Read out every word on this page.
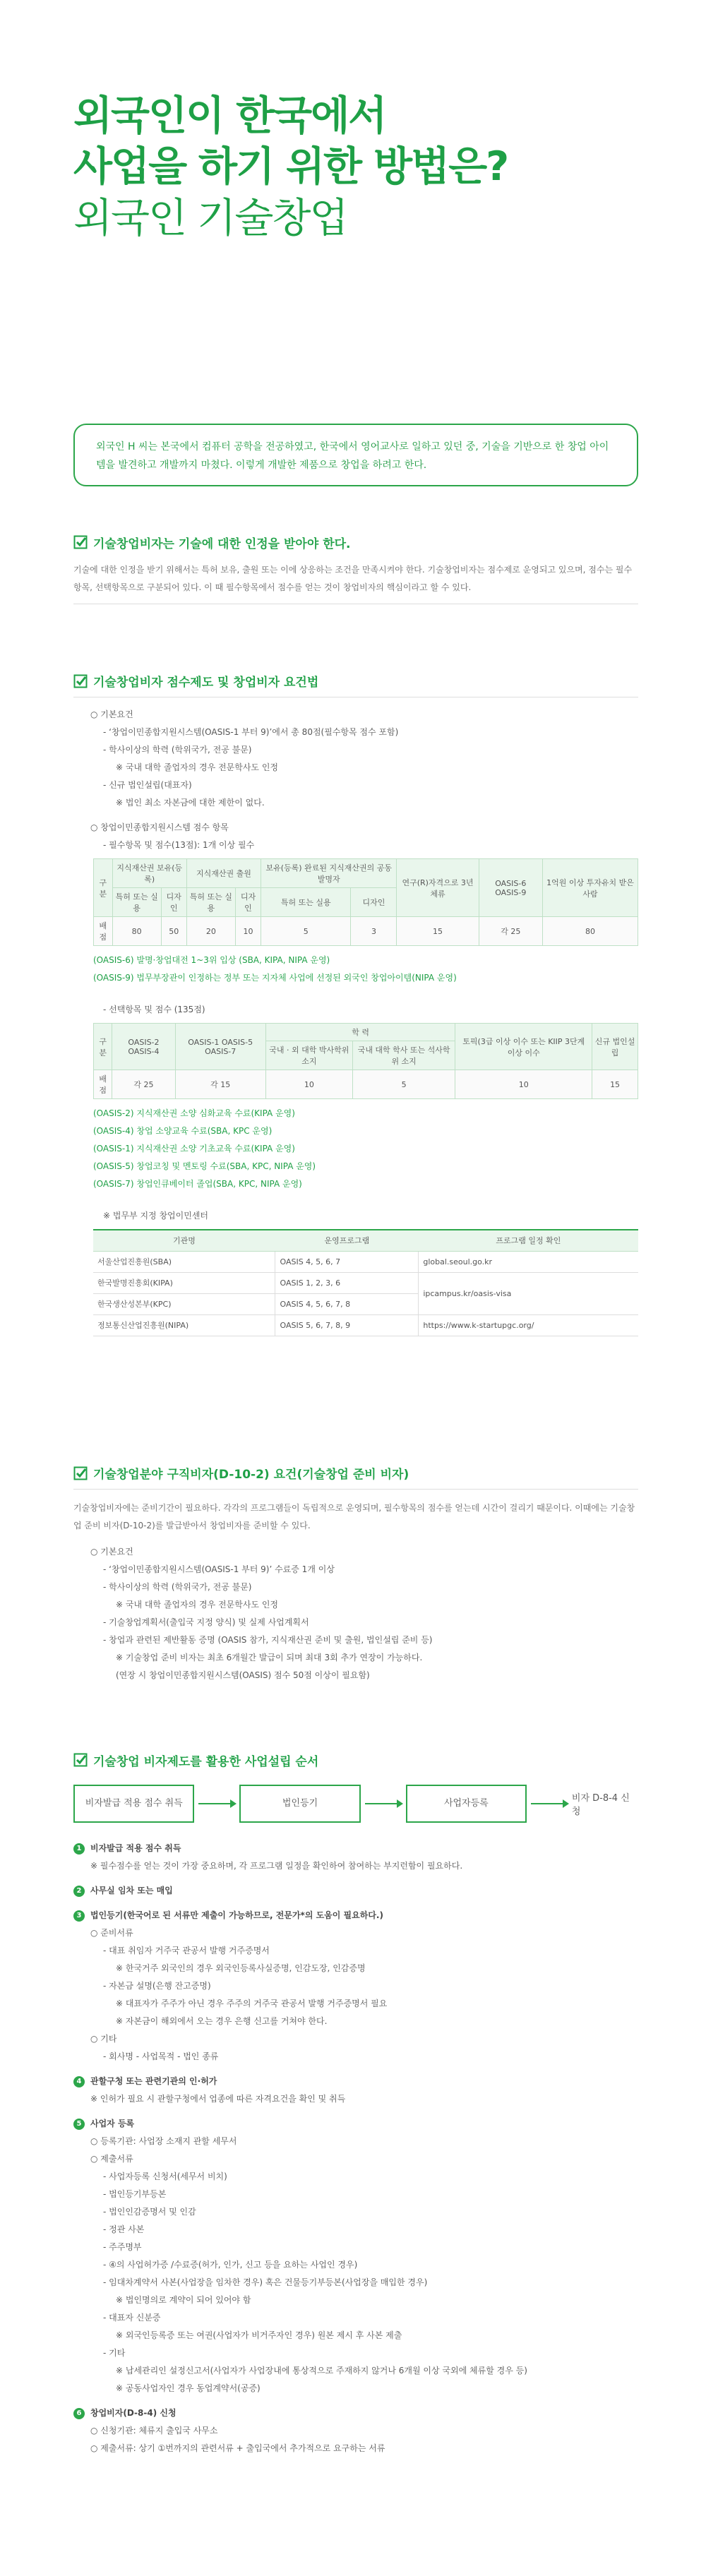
외국인이 한국에서
사업을 하기 위한 방법은?
외국인 기술창업
외국인 H 씨는 본국에서 컴퓨터 공학을 전공하였고, 한국에서 영어교사로 일하고 있던 중, 기술을 기반으로 한 창업 아이템을 발견하고 개발까지 마쳤다. 이렇게 개발한 제품으로 창업을 하려고 한다.
기술창업비자는 기술에 대한 인정을 받아야 한다.
기술에 대한 인정을 받기 위해서는 특허 보유, 출원 또는 이에 상응하는 조건을 만족시켜야 한다. 기술창업비자는 점수제로 운영되고 있으며, 점수는 필수항목, 선택항목으로 구분되어 있다. 이 때 필수항목에서 점수를 얻는 것이 창업비자의 핵심이라고 할 수 있다.
기술창업비자 점수제도 및 창업비자 요건법
○ 기본요건
- ‘창업이민종합지원시스템(OASIS-1 부터 9)’에서 총 80점(필수항목 점수 포함)
- 학사이상의 학력 (학위국가, 전공 불문)
※ 국내 대학 졸업자의 경우 전문학사도 인정
- 신규 법인설립(대표자)
※ 법인 최소 자본금에 대한 제한이 없다.
○ 창업이민종합지원시스템 점수 항목
- 필수항목 및 점수(13점): 1개 이상 필수
구분	지식재산권 보유(등록)		지식재산권 출원		보유(등록) 완료된 지식재산권의 공동 발명자		연구(R)자격으로 3년 체류	OASIS-6 OASIS-9	1억원 이상 투자유치 받은 사람
	특허 또는 실용	디자인	특허 또는 실용	디자인	특허 또는 실용	디자인			
배점	80	50	20	10	5	3	15	각 25	80
(OASIS-6) 발명·창업대전 1~3위 입상 (SBA, KIPA, NIPA 운영)
(OASIS-9) 법무부장관이 인정하는 정부 또는 지자체 사업에 선정된 외국인 창업아이템(NIPA 운영)
- 선택항목 및 점수 (135점)
구분	OASIS-2 OASIS-4	OASIS-1 OASIS-5 OASIS-7	학 력		토픽(3급 이상 이수 또는 KIIP 3단계 이상 이수	신규 법인설립
			국내 · 외 대학 박사학위 소지	국내 대학 학사 또는 석사학위 소지		
배점	각 25	각 15	10	5	10	15
(OASIS-2) 지식재산권 소양 심화교육 수료(KIPA 운영)
(OASIS-4) 창업 소양교육 수료(SBA, KPC 운영)
(OASIS-1) 지식재산권 소양 기초교육 수료(KIPA 운영)
(OASIS-5) 창업코칭 및 멘토링 수료(SBA, KPC, NIPA 운영)
(OASIS-7) 창업인큐베이터 졸업(SBA, KPC, NIPA 운영)
※ 법무부 지정 창업이민센터
기관명	운영프로그램	프로그램 일정 확인
서울산업진흥원(SBA)	OASIS 4, 5, 6, 7	global.seoul.go.kr
한국발명진흥회(KIPA)	OASIS 1, 2, 3, 6	ipcampus.kr/oasis-visa
한국생산성본부(KPC)	OASIS 4, 5, 6, 7, 8	
정보통신산업진흥원(NIPA)	OASIS 5, 6, 7, 8, 9	https://www.k-startupgc.org/
기술창업분야 구직비자(D-10-2) 요건(기술창업 준비 비자)
기술창업비자에는 준비기간이 필요하다. 각각의 프로그램들이 독립적으로 운영되며, 필수항목의 점수를 얻는데 시간이 걸리기 때문이다. 이때에는 기술창업 준비 비자(D-10-2)를 발급받아서 창업비자를 준비할 수 있다.
○ 기본요건
- ‘창업이민종합지원시스템(OASIS-1 부터 9)’ 수료증 1개 이상
- 학사이상의 학력 (학위국가, 전공 불문)
※ 국내 대학 졸업자의 경우 전문학사도 인정
- 기술창업계획서(출입국 지정 양식) 및 실제 사업계획서
- 창업과 관련된 제반활동 증명 (OASIS 참가, 지식재산권 준비 및 출원, 법인설립 준비 등)
※ 기술창업 준비 비자는 최초 6개월간 발급이 되며 최대 3회 추가 연장이 가능하다.
(연장 시 창업이민종합지원시스템(OASIS) 점수 50점 이상이 필요함)
기술창업 비자제도를 활용한 사업설립 순서
비자발급 적용 점수 취득	법인등기	사업자등록	비자 D-8-4 신청
1	비자발급 적용 점수 취득
※ 필수점수를 얻는 것이 가장 중요하며, 각 프로그램 일정을 확인하여 참여하는 부지런함이 필요하다.
2	사무실 임차 또는 매입
3	법인등기(한국어로 된 서류만 제출이 가능하므로, 전문가*의 도움이 필요하다.)
○ 준비서류
- 대표 취임자 거주국 관공서 발행 거주증명서
※ 한국거주 외국인의 경우 외국인등록사실증명, 인감도장, 인감증명
- 자본금 설명(은행 잔고증명)
※ 대표자가 주주가 아닌 경우 주주의 거주국 관공서 발행 거주증명서 필요
※ 자본금이 해외에서 오는 경우 은행 신고를 거쳐야 한다.
○ 기타
- 회사명 - 사업목적 - 법인 종류
4	관할구청 또는 관련기관의 인·허가
※ 인허가 필요 시 관할구청에서 업종에 따른 자격요건을 확인 및 취득
5	사업자 등록
○ 등록기관: 사업장 소재지 관할 세무서
○ 제출서류
- 사업자등록 신청서(세무서 비치)
- 법인등기부등본
- 법인인감증명서 및 인감
- 정관 사본
- 주주명부
- ④의 사업허가증 /수료증(허가, 인가, 신고 등을 요하는 사업인 경우)
- 임대차계약서 사본(사업장을 임차한 경우) 혹은 건물등기부등본(사업장을 매입한 경우)
※ 법인명의로 계약이 되어 있어야 함
- 대표자 신분증
※ 외국인등록증 또는 여권(사업자가 비거주자인 경우) 원본 제시 후 사본 제출
- 기타
※ 납세관리인 설정신고서(사업자가 사업장내에 통상적으로 주재하지 않거나 6개월 이상 국외에 체류할 경우 등)
※ 공동사업자인 경우 동업계약서(공증)
6	창업비자(D-8-4) 신청
○ 신청기관: 체류지 출입국 사무소
○ 제출서류: 상기 ①번까지의 관련서류 + 출입국에서 추가적으로 요구하는 서류
